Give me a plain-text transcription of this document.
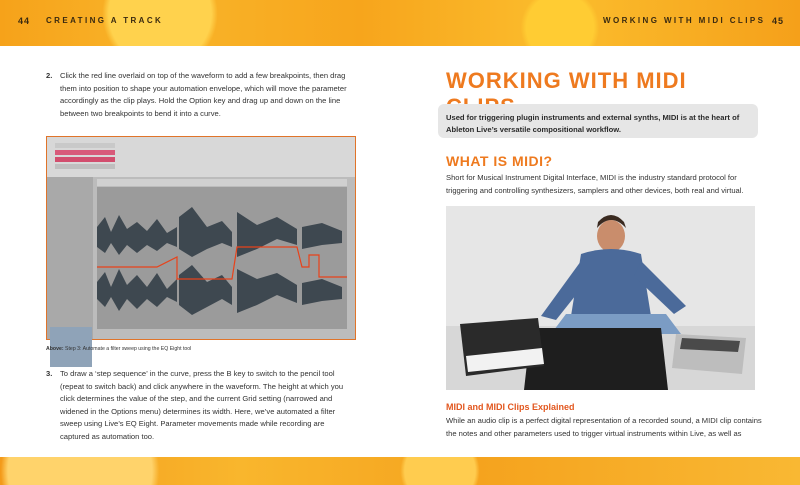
44 CREATING A TRACK	WORKING WITH MIDI CLIPS 45
2.	Click the red line overlaid on top of the waveform to add a few breakpoints, then drag them into position to shape your automation envelope, which will move the parameter accordingly as the clip plays. Hold the Option key and drag up and down on the line between two breakpoints to bend it into a curve.
Above: Step 3: Automate a filter sweep using the EQ Eight tool
3.	To draw a ‘step sequence’ in the curve, press the B key to switch to the pencil tool (repeat to switch back) and click anywhere in the waveform. The height at which you click determines the value of the step, and the current Grid setting (narrowed and widened in the Options menu) determines its width. Here, we’ve automated a filter sweep using Live’s EQ Eight. Parameter movements made while recording are captured as automation too.
WORKING WITH MIDI

Used for triggering plugin instruments and external synths, MIDI is at the heart of Ableton Live’s versatile compositional workflow.

WHAT IS MIDI?
Short for Musical Instrument Digital Interface, MIDI is the industry standard protocol for triggering and controlling synthesizers, samplers and other devices, both real and virtual.
MIDI and MIDI Clips Explained
While an audio clip is a perfect digital representation of a recorded sound, a MIDI clip contains the notes and other parameters used to trigger virtual instruments within Live, as well as
